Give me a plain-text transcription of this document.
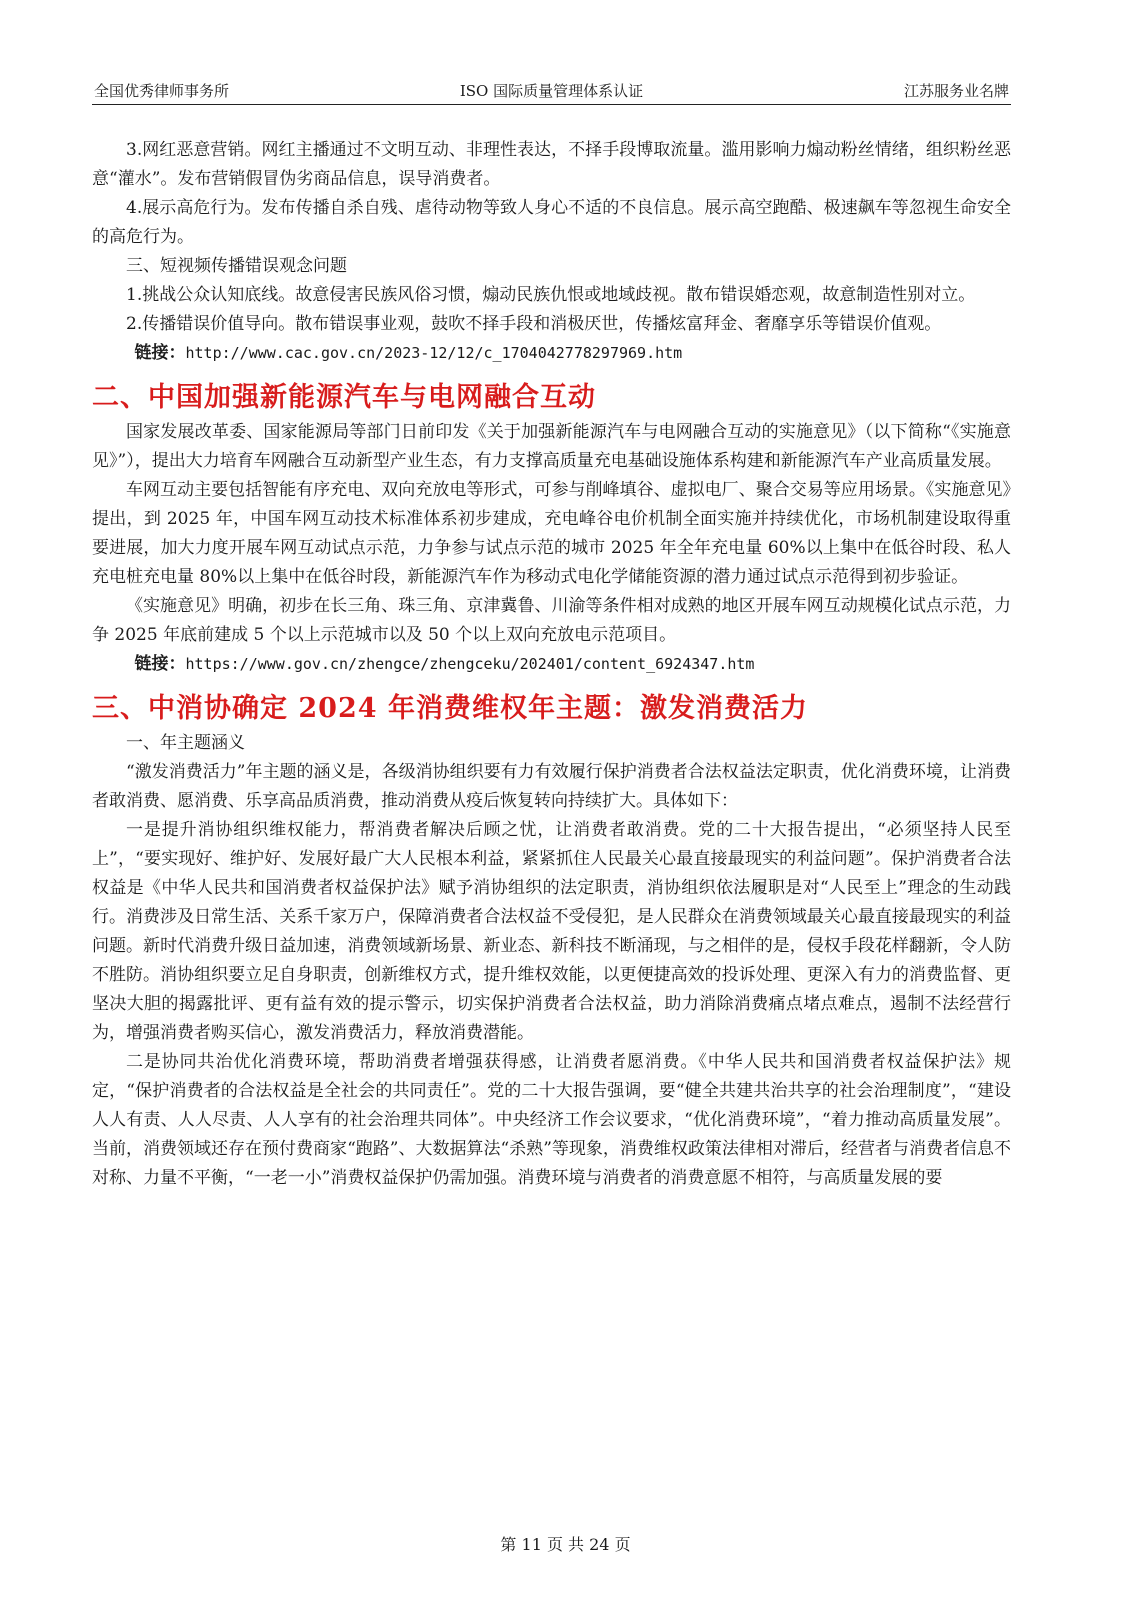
全国优秀律师事务所	ISO 国际质量管理体系认证	江苏服务业名牌

3.网红恶意营销。网红主播通过不文明互动、非理性表达，不择手段博取流量。滥用影响力煽动粉丝情绪，组织粉丝恶意“灌水”。发布营销假冒伪劣商品信息，误导消费者。

4.展示高危行为。发布传播自杀自残、虐待动物等致人身心不适的不良信息。展示高空跑酷、极速飙车等忽视生命安全的高危行为。

三、短视频传播错误观念问题

1.挑战公众认知底线。故意侵害民族风俗习惯，煽动民族仇恨或地域歧视。散布错误婚恋观，故意制造性别对立。

2.传播错误价值导向。散布错误事业观，鼓吹不择手段和消极厌世，传播炫富拜金、奢靡享乐等错误价值观。

链接：http://www.cac.gov.cn/2023-12/12/c_1704042778297969.htm
二、中国加强新能源汽车与电网融合互动

国家发展改革委、国家能源局等部门日前印发《关于加强新能源汽车与电网融合互动的实施意见》（以下简称“《实施意见》”），提出大力培育车网融合互动新型产业生态，有力支撑高质量充电基础设施体系构建和新能源汽车产业高质量发展。

车网互动主要包括智能有序充电、双向充放电等形式，可参与削峰填谷、虚拟电厂、聚合交易等应用场景。《实施意见》提出，到 2025 年，中国车网互动技术标准体系初步建成，充电峰谷电价机制全面实施并持续优化，市场机制建设取得重要进展，加大力度开展车网互动试点示范，力争参与试点示范的城市 2025 年全年充电量 60%以上集中在低谷时段、私人充电桩充电量 80%以上集中在低谷时段，新能源汽车作为移动式电化学储能资源的潜力通过试点示范得到初步验证。

《实施意见》明确，初步在长三角、珠三角、京津冀鲁、川渝等条件相对成熟的地区开展车网互动规模化试点示范，力争 2025 年底前建成 5 个以上示范城市以及 50 个以上双向充放电示范项目。

链接：https://www.gov.cn/zhengce/zhengceku/202401/content_6924347.htm
三、中消协确定 2024 年消费维权年主题：激发消费活力

一、年主题涵义

“激发消费活力”年主题的涵义是，各级消协组织要有力有效履行保护消费者合法权益法定职责，优化消费环境，让消费者敢消费、愿消费、乐享高品质消费，推动消费从疫后恢复转向持续扩大。具体如下：

一是提升消协组织维权能力，帮消费者解决后顾之忧，让消费者敢消费。党的二十大报告提出，“必须坚持人民至上”，“要实现好、维护好、发展好最广大人民根本利益，紧紧抓住人民最关心最直接最现实的利益问题”。保护消费者合法权益是《中华人民共和国消费者权益保护法》赋予消协组织的法定职责，消协组织依法履职是对“人民至上”理念的生动践行。消费涉及日常生活、关系千家万户，保障消费者合法权益不受侵犯，是人民群众在消费领域最关心最直接最现实的利益问题。新时代消费升级日益加速，消费领域新场景、新业态、新科技不断涌现，与之相伴的是，侵权手段花样翻新，令人防不胜防。消协组织要立足自身职责，创新维权方式，提升维权效能，以更便捷高效的投诉处理、更深入有力的消费监督、更坚决大胆的揭露批评、更有益有效的提示警示，切实保护消费者合法权益，助力消除消费痛点堵点难点，遏制不法经营行为，增强消费者购买信心，激发消费活力，释放消费潜能。

二是协同共治优化消费环境，帮助消费者增强获得感，让消费者愿消费。《中华人民共和国消费者权益保护法》规定，“保护消费者的合法权益是全社会的共同责任”。党的二十大报告强调，要“健全共建共治共享的社会治理制度”，“建设人人有责、人人尽责、人人享有的社会治理共同体”。中央经济工作会议要求，“优化消费环境”，“着力推动高质量发展”。当前，消费领域还存在预付费商家“跑路”、大数据算法“杀熟”等现象，消费维权政策法律相对滞后，经营者与消费者信息不对称、力量不平衡，“一老一小”消费权益保护仍需加强。消费环境与消费者的消费意愿不相符，与高质量发展的要

第 11 页 共 24 页
